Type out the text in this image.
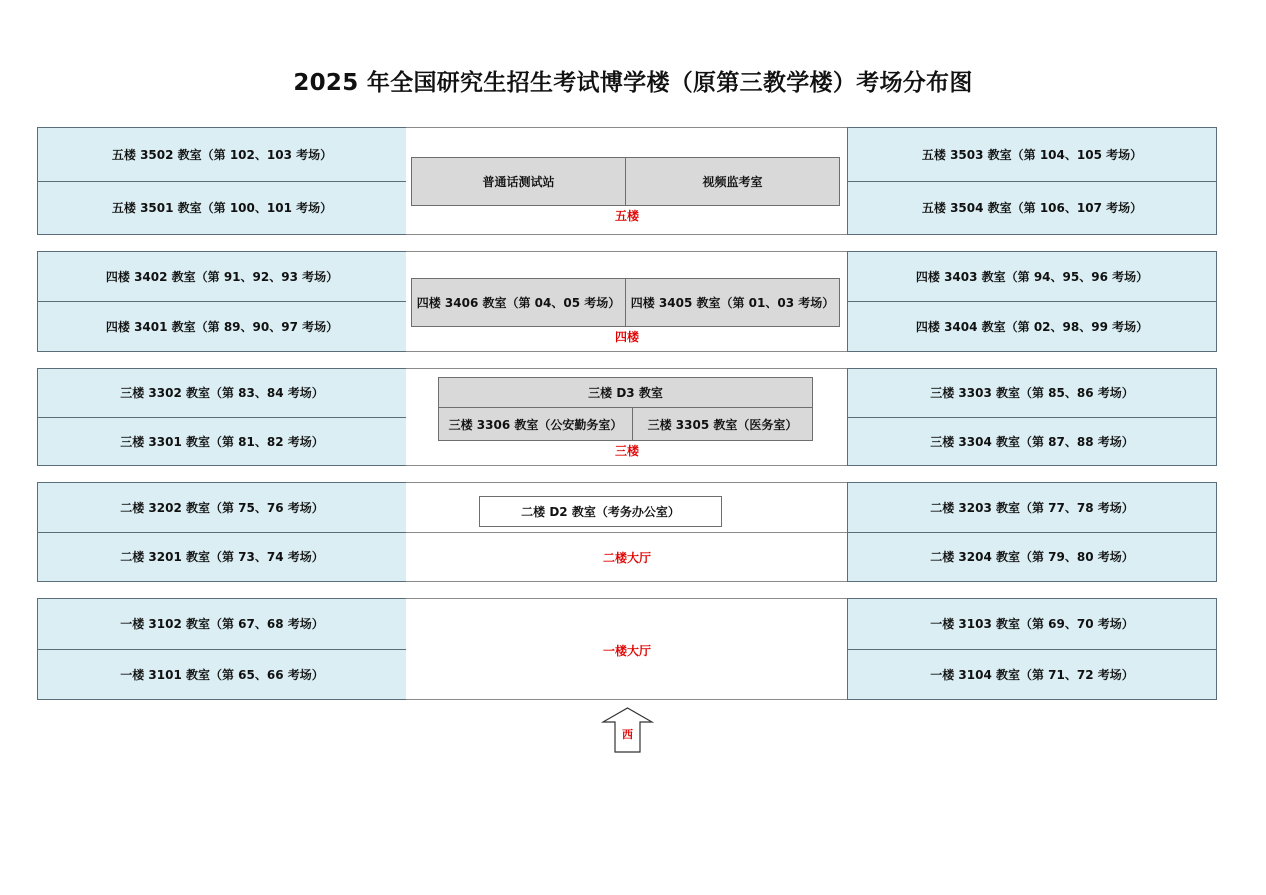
2025 年全国研究生招生考试博学楼（原第三教学楼）考场分布图
五楼 3502 教室（第 102、103 考场）
五楼 3501 教室（第 100、101 考场）
普通话测试站	视频监考室
五楼
五楼 3503 教室（第 104、105 考场）
五楼 3504 教室（第 106、107 考场）
四楼 3402 教室（第 91、92、93 考场）
四楼 3401 教室（第 89、90、97 考场）
四楼 3406 教室（第 04、05 考场） 四楼 3405 教室（第 01、03 考场）
四楼
四楼 3403 教室（第 94、95、96 考场）
四楼 3404 教室（第 02、98、99 考场）
三楼 3302 教室（第 83、84 考场）
三楼 3301 教室（第 81、82 考场）
三楼 D3 教室
三楼 3306 教室（公安勤务室）	三楼 3305 教室（医务室）
三楼
三楼 3303 教室（第 85、86 考场）
三楼 3304 教室（第 87、88 考场）
二楼 3202 教室（第 75、76 考场）
二楼 3201 教室（第 73、74 考场）
二楼 D2 教室（考务办公室）
二楼大厅
二楼 3203 教室（第 77、78 考场）
二楼 3204 教室（第 79、80 考场）
一楼 3102 教室（第 67、68 考场）
一楼 3101 教室（第 65、66 考场）
一楼大厅
一楼 3103 教室（第 69、70 考场）
一楼 3104 教室（第 71、72 考场）
西
